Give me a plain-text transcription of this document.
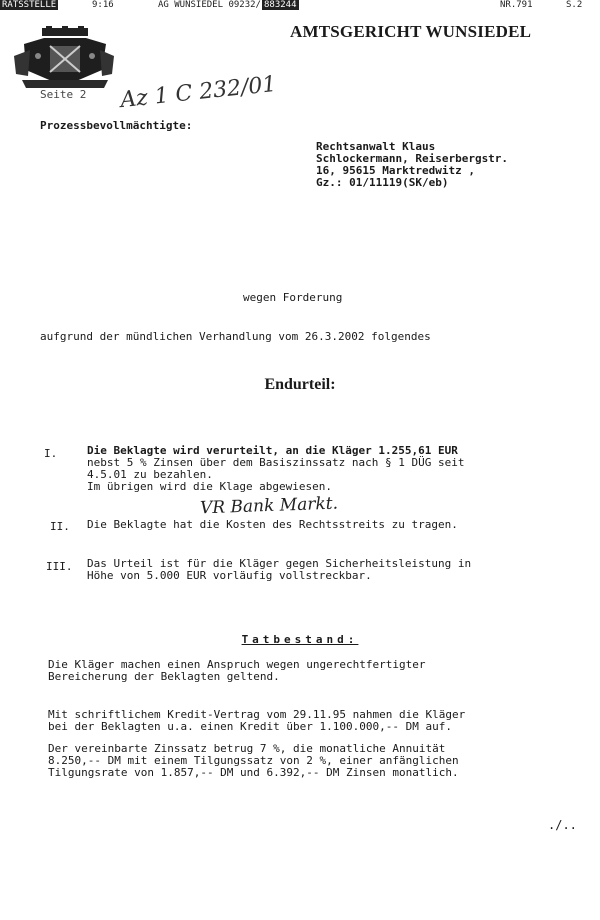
RÄTSSTELLE	9:16	AG WUNSIEDEL 09232/ 883244	NR.791	S.2
AMTSGERICHT WUNSIEDEL
Seite 2 Az 1 C 232/01
Prozessbevollmächtigte:
Rechtsanwalt Klaus
Schlockermann, Reiserbergstr.
16, 95615 Marktredwitz ,
Gz.: 01/11119(SK/eb)
wegen Forderung
aufgrund der mündlichen Verhandlung vom 26.3.2002 folgendes
Endurteil:
I.	Die Beklagte wird verurteilt, an die Kläger 1.255,61 EUR
nebst 5 % Zinsen über dem Basiszinssatz nach § 1 DÜG seit
4.5.01 zu bezahlen.
Im übrigen wird die Klage abgewiesen.
VR Bank Markt.
II. Die Beklagte hat die Kosten des Rechtsstreits zu tragen.
III. Das Urteil ist für die Kläger gegen Sicherheitsleistung in
Höhe von 5.000 EUR vorläufig vollstreckbar.
Tatbestand:
Die Kläger machen einen Anspruch wegen ungerechtfertigter
Bereicherung der Beklagten geltend.
Mit schriftlichem Kredit-Vertrag vom 29.11.95 nahmen die Kläger
bei der Beklagten u.a. einen Kredit über 1.100.000,-- DM auf.
Der vereinbarte Zinssatz betrug 7 %, die monatliche Annuität
8.250,-- DM mit einem Tilgungssatz von 2 %, einer anfänglichen
Tilgungsrate von 1.857,-- DM und 6.392,-- DM Zinsen monatlich.
./..
